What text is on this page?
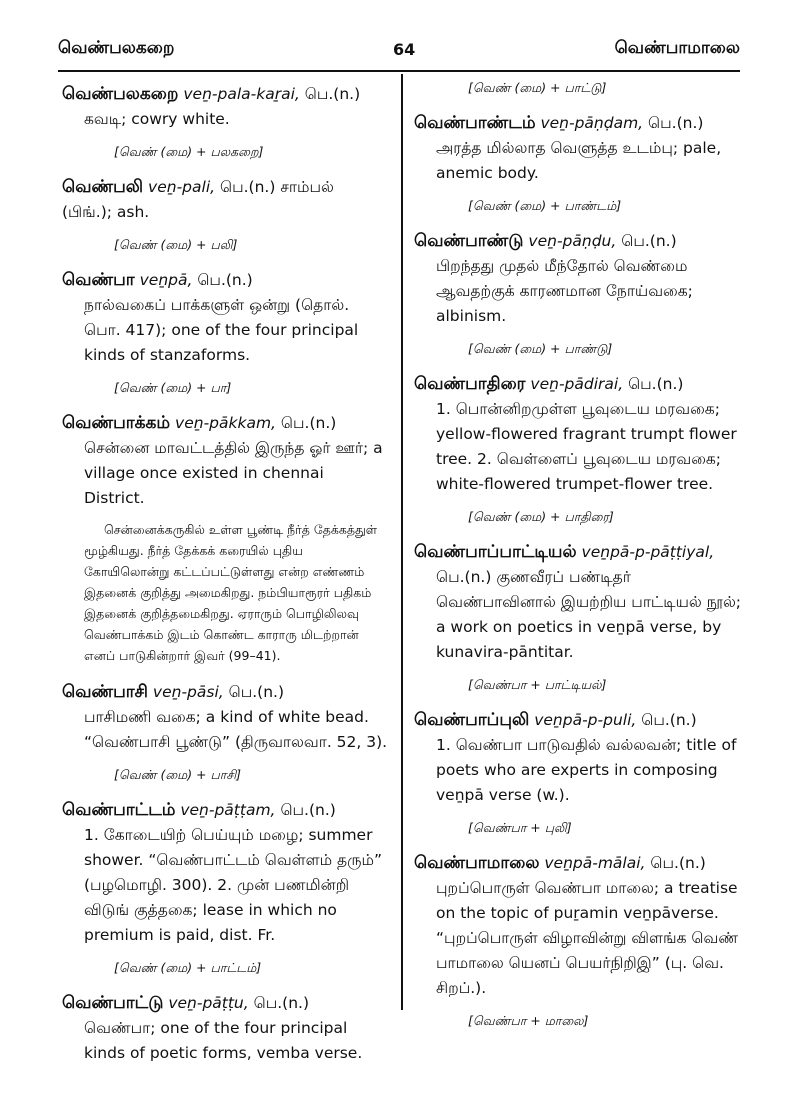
வெண்பலகறை	64	வெண்பாமாலை
வெண்பலகறை veṉ-pala-kaṟai, பெ.(n.)
கவடி; cowry white.
[வெண் (மை) + பலகறை]
வெண்பலி veṉ-pali, பெ.(n.) சாம்பல் (பிங்.); ash.
[வெண் (மை) + பலி]
வெண்பா veṉpā, பெ.(n.)
நால்வகைப் பாக்களுள் ஒன்று (தொல். பொ. 417); one of the four principal kinds of stanzaforms.
[வெண் (மை) + பா]
வெண்பாக்கம் veṉ-pākkam, பெ.(n.)
சென்னை மாவட்டத்தில் இருந்த ஓர் ஊர்; a village once existed in chennai District.
சென்னைக்கருகில் உள்ள பூண்டி நீர்த் தேக்கத்துள் மூழ்கியது. நீர்த் தேக்கக் கரையில் புதிய கோயிலொன்று கட்டப்பட்டுள்ளது என்ற எண்ணம் இதனைக் குறித்து அமைகிறது. நம்பியாரூரர் பதிகம் இதனைக் குறித்தமைகிறது. ஏராரும் பொழிலிலவு வெண்பாக்கம் இடம் கொண்ட காராரு மிடற்றான் எனப் பாடுகின்றார் இவர் (99–41).
வெண்பாசி veṉ-pāsi, பெ.(n.)
பாசிமணி வகை; a kind of white bead. “வெண்பாசி பூண்டு” (திருவாலவா. 52, 3).
[வெண் (மை) + பாசி]
வெண்பாட்டம் veṉ-pāṭṭam, பெ.(n.)
1. கோடையிற் பெய்யும் மழை; summer shower. “வெண்பாட்டம் வெள்ளம் தரும்” (பழமொழி. 300). 2. முன் பணமின்றி விடுங் குத்தகை; lease in which no premium is paid, dist. Fr.
[வெண் (மை) + பாட்டம்]
வெண்பாட்டு veṉ-pāṭṭu, பெ.(n.)
வெண்பா; one of the four principal kinds of poetic forms, vemba verse.
[வெண் (மை) + பாட்டு]
வெண்பாண்டம் veṉ-pāṇḍam, பெ.(n.)
அரத்த மில்லாத வெளுத்த உடம்பு; pale, anemic body.
[வெண் (மை) + பாண்டம்]
வெண்பாண்டு veṉ-pāṇḍu, பெ.(n.)
பிறந்தது முதல் மீந்தோல் வெண்மை ஆவதற்குக் காரணமான நோய்வகை; albinism.
[வெண் (மை) + பாண்டு]
வெண்பாதிரை veṉ-pādirai, பெ.(n.)
1. பொன்னிறமுள்ள பூவுடைய மரவகை; yellow-flowered fragrant trumpt flower tree. 2. வெள்ளைப் பூவுடைய மரவகை; white-flowered trumpet-flower tree.
[வெண் (மை) + பாதிரை]
வெண்பாப்பாட்டியல் veṉpā-p-pāṭṭiyal,
பெ.(n.) குணவீரப் பண்டிதர் வெண்பாவினால் இயற்றிய பாட்டியல் நூல்; a work on poetics in veṉpā verse, by kunavira-pāntitar.
[வெண்பா + பாட்டியல்]
வெண்பாப்புலி veṉpā-p-puli, பெ.(n.)
1. வெண்பா பாடுவதில் வல்லவன்; title of poets who are experts in composing veṉpā verse (w.).
[வெண்பா + புலி]
வெண்பாமாலை veṉpā-mālai, பெ.(n.)
புறப்பொருள் வெண்பா மாலை; a treatise on the topic of puṟamin veṉpāverse. “புறப்பொருள் விழாவின்று விளங்க வெண் பாமாலை யெனப் பெயர்நிறிஇ” (பு. வெ. சிறப்.).
[வெண்பா + மாலை]
